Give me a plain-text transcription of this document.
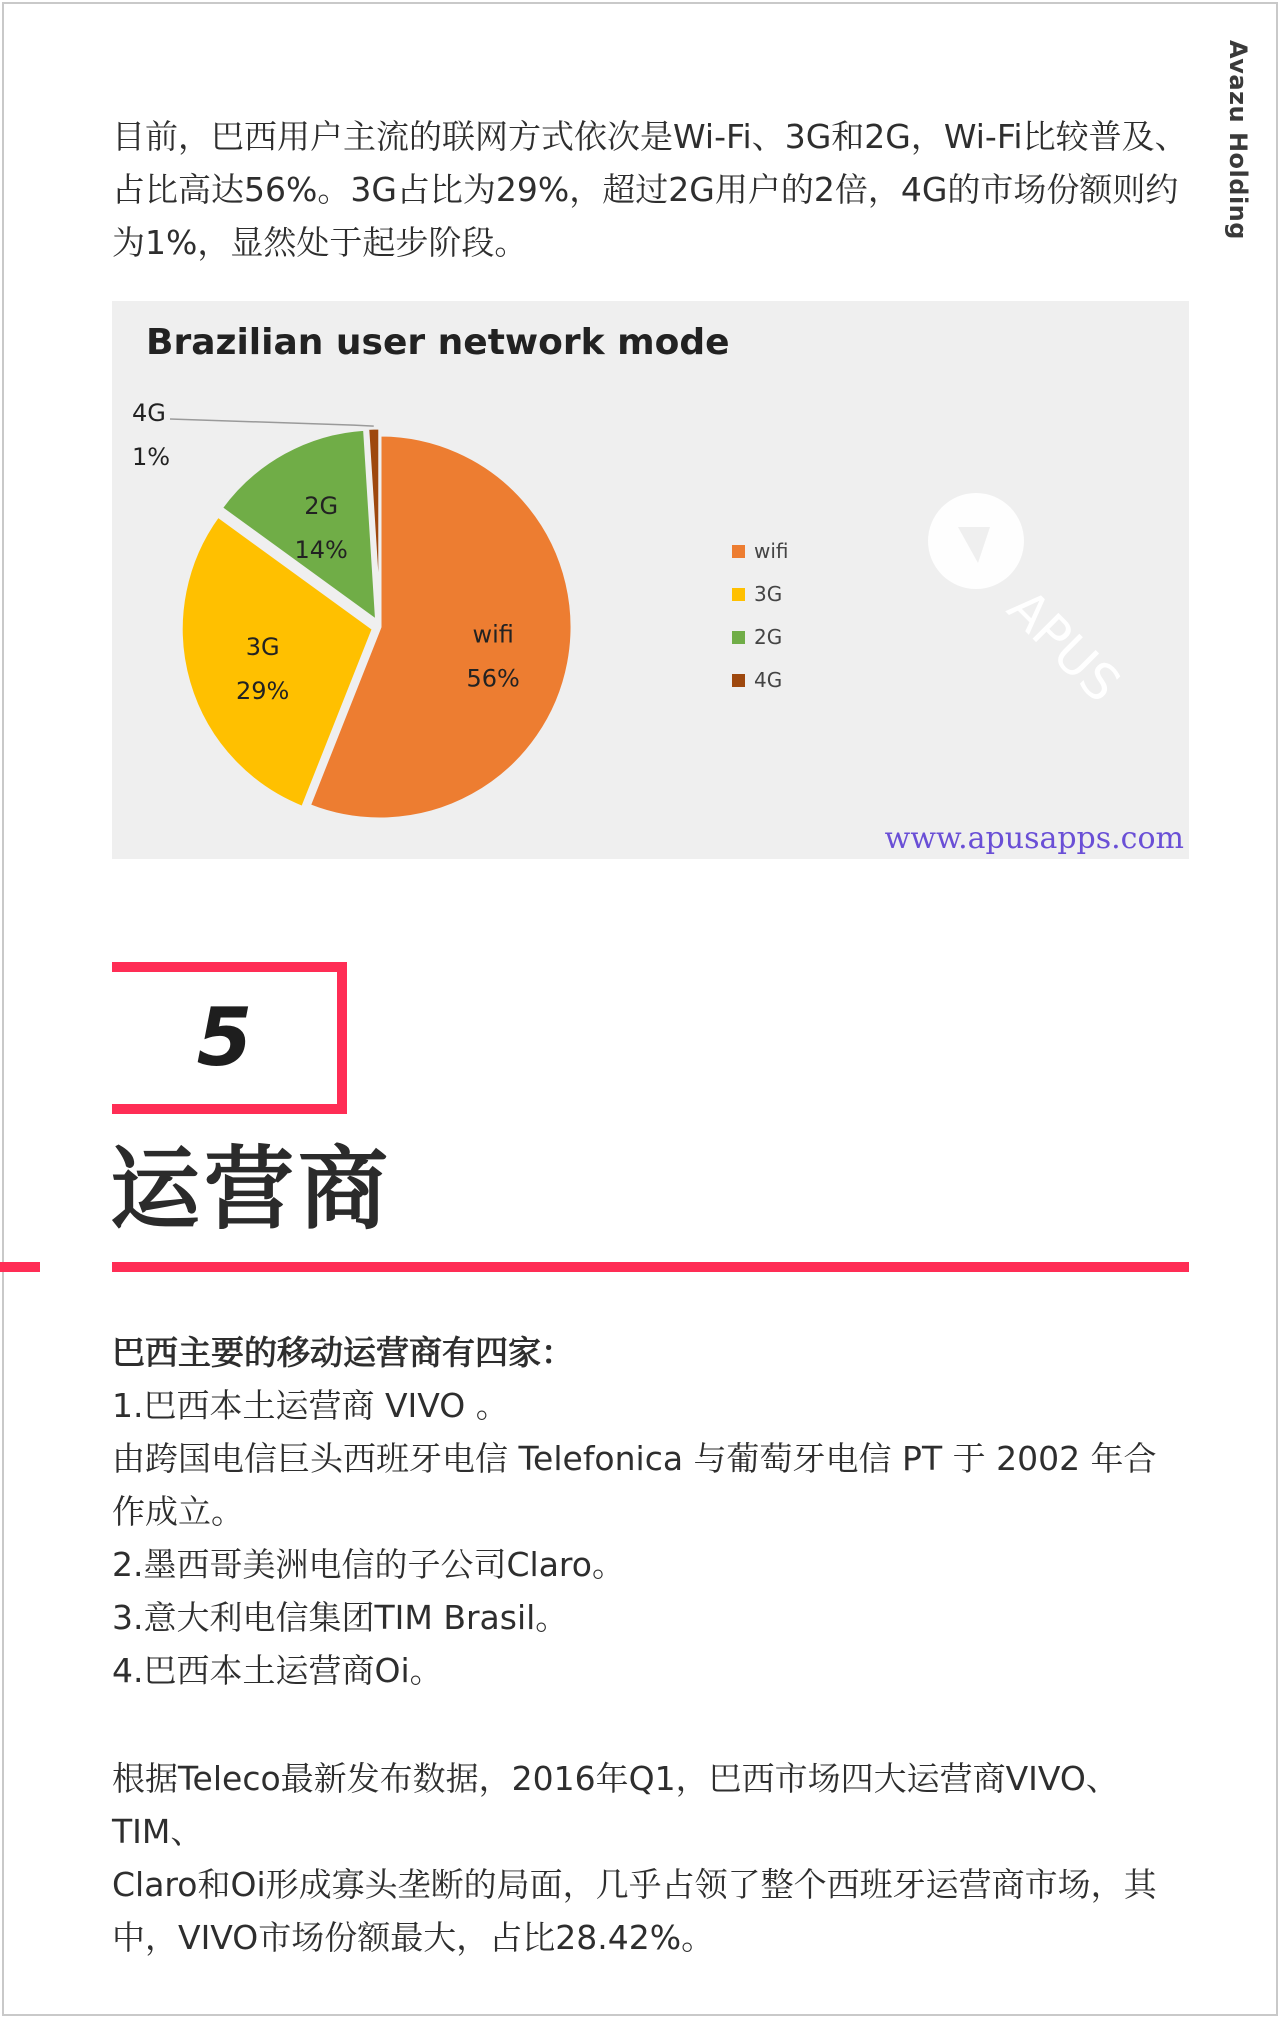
Avazu Holding
目前，巴西用户主流的联网方式依次是Wi-Fi、3G和2G，Wi-Fi比较普及、
占比高达56%。3G占比为29%，超过2G用户的2倍，4G的市场份额则约
为1%，显然处于起步阶段。
Brazilian user network mode
wifi
56%
3G
29%
2G
14%
4G
1%
wifi
3G
2G
4G	APUS
www.apusapps.com
5
运营商
巴西主要的移动运营商有四家：
1.巴西本土运营商 VIVO 。
由跨国电信巨头西班牙电信 Telefonica 与葡萄牙电信 PT 于 2002 年合
作成立。
2.墨西哥美洲电信的子公司Claro。
3.意大利电信集团TIM Brasil。
4.巴西本土运营商Oi。
根据Teleco最新发布数据，2016年Q1，巴西市场四大运营商VIVO、TIM、
Claro和Oi形成寡头垄断的局面，几乎占领了整个西班牙运营商市场，其
中，VIVO市场份额最大，占比28.42%。
